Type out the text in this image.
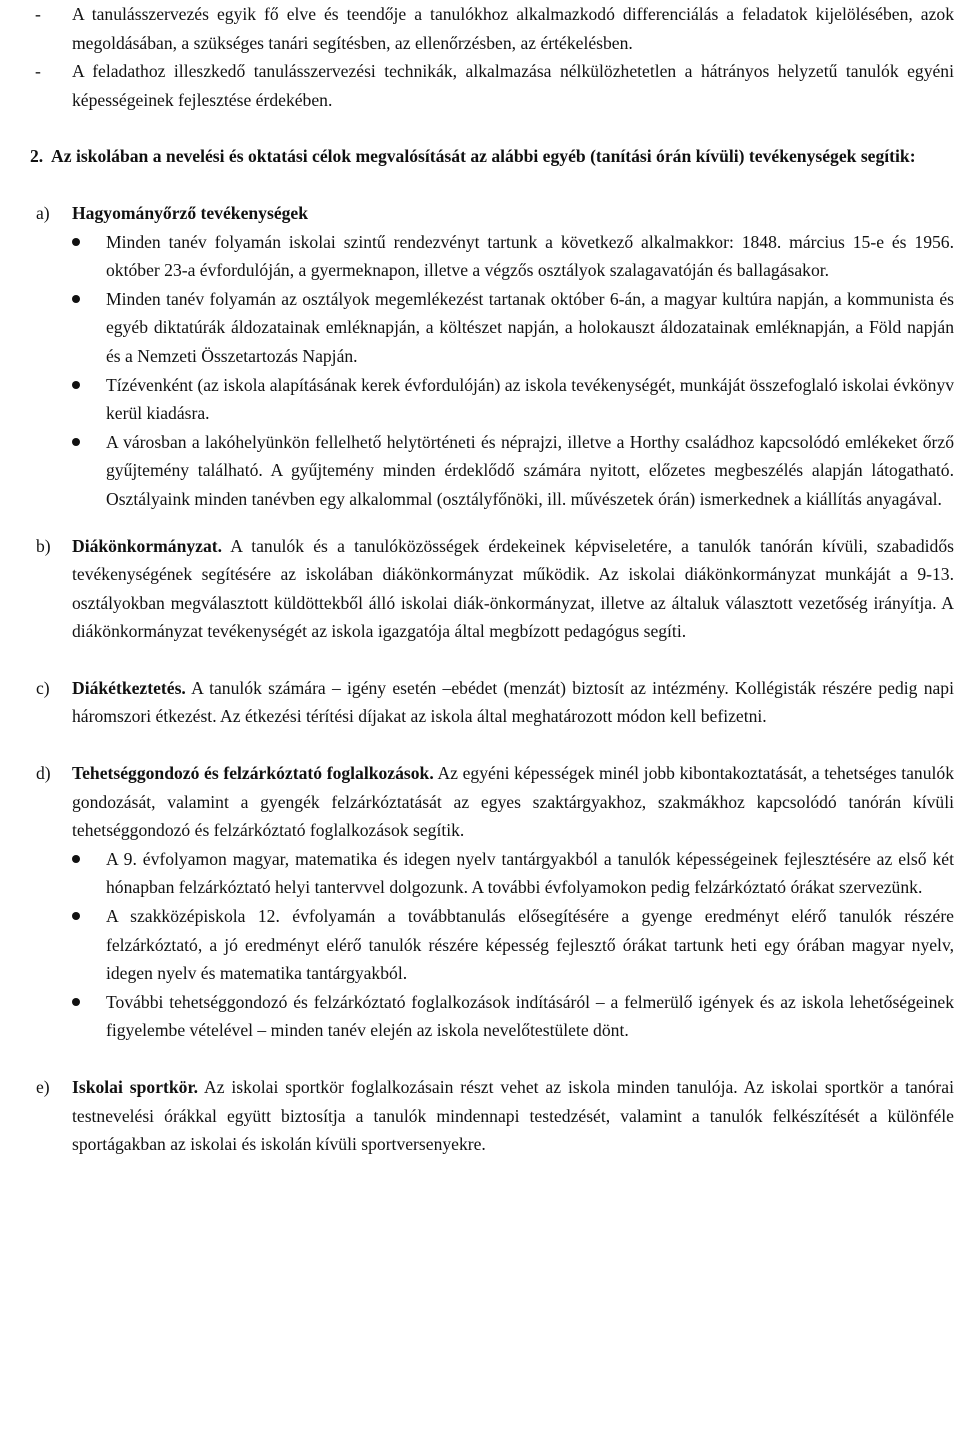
- A tanulásszervezés egyik fő elve és teendője a tanulókhoz alkalmazkodó differenciálás a feladatok kijelölésében, azok megoldásában, a szükséges tanári segítésben, az ellenőrzésben, az értékelésben.

- A feladathoz illeszkedő tanulásszervezési technikák, alkalmazása nélkülözhetetlen a hátrányos helyzetű tanulók egyéni képességeinek fejlesztése érdekében.

2. Az iskolában a nevelési és oktatási célok megvalósítását az alábbi egyéb (tanítási órán kívüli) tevékenységek segítik:

a) Hagyományőrző tevékenységek

Minden tanév folyamán iskolai szintű rendezvényt tartunk a következő alkalmakkor: 1848. március 15-e és 1956. október 23-a évfordulóján, a gyermeknapon, illetve a végzős osztályok szalagavatóján és ballagásakor.
Minden tanév folyamán az osztályok megemlékezést tartanak október 6-án, a magyar kultúra napján, a kommunista és egyéb diktatúrák áldozatainak emléknapján, a költészet napján, a holokauszt áldozatainak emléknapján, a Föld napján és a Nemzeti Összetartozás Napján.
Tízévenként (az iskola alapításának kerek évfordulóján) az iskola tevékenységét, munkáját összefoglaló iskolai évkönyv kerül kiadásra.
A városban a lakóhelyünkön fellelhető helytörténeti és néprajzi, illetve a Horthy családhoz kapcsolódó emlékeket őrző gyűjtemény található. A gyűjtemény minden érdeklődő számára nyitott, előzetes megbeszélés alapján látogatható. Osztályaink minden tanévben egy alkalommal (osztályfőnöki, ill. művészetek órán) ismerkednek a kiállítás anyagával.

b) Diákönkormányzat. A tanulók és a tanulóközösségek érdekeinek képviseletére, a tanulók tanórán kívüli, szabadidős tevékenységének segítésére az iskolában diákönkormányzat működik. Az iskolai diákönkormányzat munkáját a 9-13. osztályokban megválasztott küldöttekből álló iskolai diák-önkormányzat, illetve az általuk választott vezetőség irányítja. A diákönkormányzat tevékenységét az iskola igazgatója által megbízott pedagógus segíti.

c) Diákétkeztetés. A tanulók számára – igény esetén –ebédet (menzát) biztosít az intézmény. Kollégisták részére pedig napi háromszori étkezést. Az étkezési térítési díjakat az iskola által meghatározott módon kell befizetni.

d) Tehetséggondozó és felzárkóztató foglalkozások. Az egyéni képességek minél jobb kibontakoztatását, a tehetséges tanulók gondozását, valamint a gyengék felzárkóztatását az egyes szaktárgyakhoz, szakmákhoz kapcsolódó tanórán kívüli tehetséggondozó és felzárkóztató foglalkozások segítik.

A 9. évfolyamon magyar, matematika és idegen nyelv tantárgyakból a tanulók képességeinek fejlesztésére az első két hónapban felzárkóztató helyi tantervvel dolgozunk. A további évfolyamokon pedig felzárkóztató órákat szervezünk.
A szakközépiskola 12. évfolyamán a továbbtanulás elősegítésére a gyenge eredményt elérő tanulók részére felzárkóztató, a jó eredményt elérő tanulók részére képesség fejlesztő órákat tartunk heti egy órában magyar nyelv, idegen nyelv és matematika tantárgyakból.
További tehetséggondozó és felzárkóztató foglalkozások indításáról – a felmerülő igények és az iskola lehetőségeinek figyelembe vételével – minden tanév elején az iskola nevelőtestülete dönt.

e) Iskolai sportkör. Az iskolai sportkör foglalkozásain részt vehet az iskola minden tanulója. Az iskolai sportkör a tanórai testnevelési órákkal együtt biztosítja a tanulók mindennapi testedzését, valamint a tanulók felkészítését a különféle sportágakban az iskolai és iskolán kívüli sportversenyekre.
